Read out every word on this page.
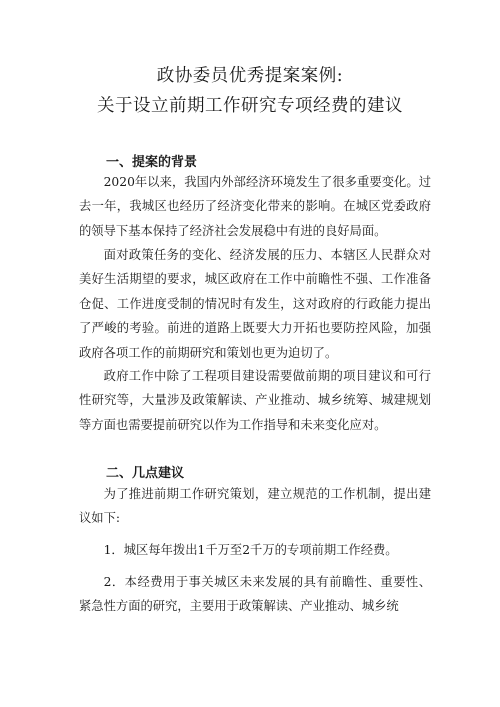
政协委员优秀提案案例:
关于设立前期工作研究专项经费的建议
一、提案的背景

2020年以来，我国内外部经济环境发生了很多重要变化。过去一年，我城区也经历了经济变化带来的影响。在城区党委政府的领导下基本保持了经济社会发展稳中有进的良好局面。

面对政策任务的变化、经济发展的压力、本辖区人民群众对美好生活期望的要求，城区政府在工作中前瞻性不强、工作准备仓促、工作进度受制的情况时有发生，这对政府的行政能力提出了严峻的考验。前进的道路上既要大力开拓也要防控风险，加强政府各项工作的前期研究和策划也更为迫切了。

政府工作中除了工程项目建设需要做前期的项目建议和可行性研究等，大量涉及政策解读、产业推动、城乡统筹、城建规划等方面也需要提前研究以作为工作指导和未来变化应对。

二、几点建议

为了推进前期工作研究策划，建立规范的工作机制，提出建议如下:

1．城区每年拨出1千万至2千万的专项前期工作经费。

2．本经费用于事关城区未来发展的具有前瞻性、重要性、紧急性方面的研究，主要用于政策解读、产业推动、城乡统
